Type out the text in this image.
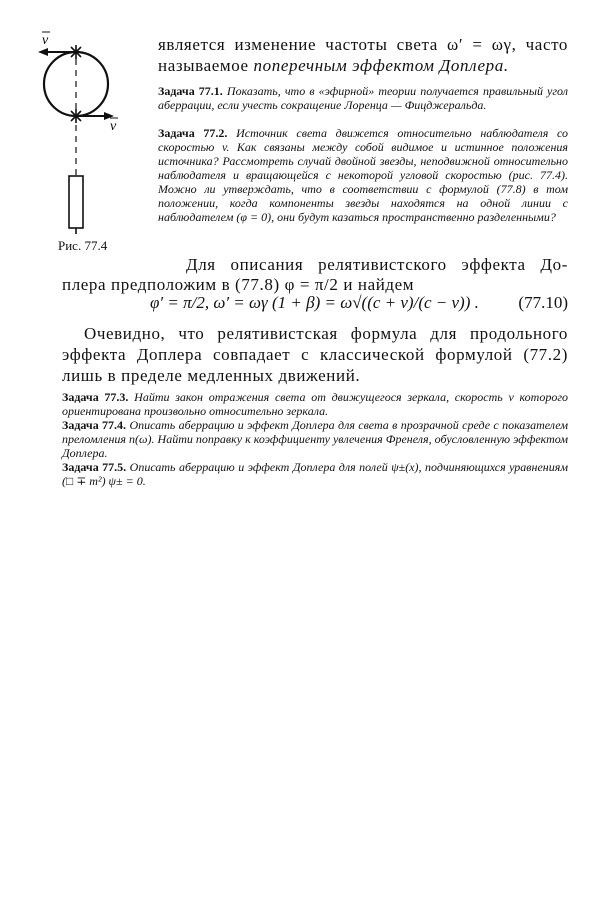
v
v
Рис. 77.4
является изменение частоты света ω′ = ωγ, часто
называемое поперечным эффектом Доплера.
Задача 77.1. Показать, что в «эфирной» теории получается правильный угол аберрации, если учесть сокращение Лоренца — Фицджеральда.
Задача 77.2. Источник света движется относительно наблюдателя со скоростью v. Как связаны между собой видимое и истинное положения источника? Рассмотреть случай двойной звезды, неподвижной относительно наблюдателя и вращающейся с некоторой угловой скоростью (рис. 77.4). Можно ли утверждать, что в соответствии с формулой (77.8) в том положении, когда компоненты звезды находятся на одной линии с наблюдателем (φ = 0), они будут казаться пространственно разделенными?
Для описания релятивистского эффекта До-
плера предположим в (77.8) φ = π/2 и найдем
φ′ = π/2, ω′ = ωγ (1 + β) = ω√((c + v)/(c − v)) . (77.10)
Очевидно, что релятивистская формула для продольного эффекта Доплера совпадает с классической формулой (77.2) лишь в пределе медленных движений.
Задача 77.3. Найти закон отражения света от движущегося зеркала, скорость v которого ориентирована произвольно относительно зеркала.
Задача 77.4. Описать аберрацию и эффект Доплера для света в прозрачной среде с показателем преломления n(ω). Найти поправку к коэффициенту увлечения Френеля, обусловленную эффектом Доплера.
Задача 77.5. Описать аберрацию и эффект Доплера для полей ψ±(x), подчиняющихся уравнениям (□ ∓ m²) ψ± = 0.
